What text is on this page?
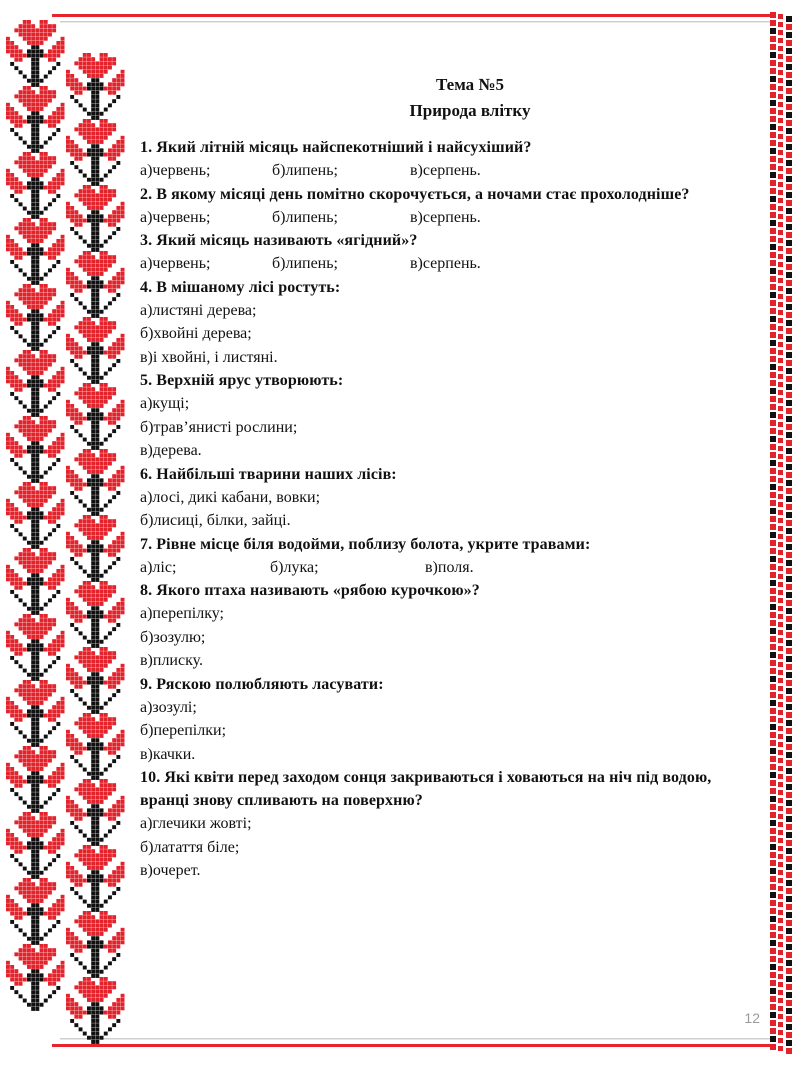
Тема №5

Природа влітку

1. Який літній місяць найспекотніший і найсухіший?

а)червень;	б)липень;	в)серпень.

2. В якому місяці день помітно скорочується, а ночами стає прохолодніше?

а)червень;	б)липень;	в)серпень.

3. Який місяць називають «ягідний»?

а)червень;	б)липень;	в)серпень.

4. В мішаному лісі ростуть:

а)листяні дерева;

б)хвойні дерева;

в)і хвойні, і листяні.

5. Верхній ярус утворюють:

а)кущі;

б)трав’янисті рослини;

в)дерева.

6. Найбільші тварини наших лісів:

а)лосі, дикі кабани, вовки;

б)лисиці, білки, зайці.

7. Рівне місце біля водойми, поблизу болота, укрите травами:

а)ліс;	б)лука;	в)поля.

8. Якого птаха називають «рябою курочкою»?

а)перепілку;

б)зозулю;

в)плиску.

9. Ряскою полюбляють ласувати:

а)зозулі;

б)перепілки;

в)качки.

10. Які квіти перед заходом сонця закриваються і ховаються на ніч під водою, вранці знову спливають на поверхню?

а)глечики жовті;

б)латаття біле;

в)очерет.

12
